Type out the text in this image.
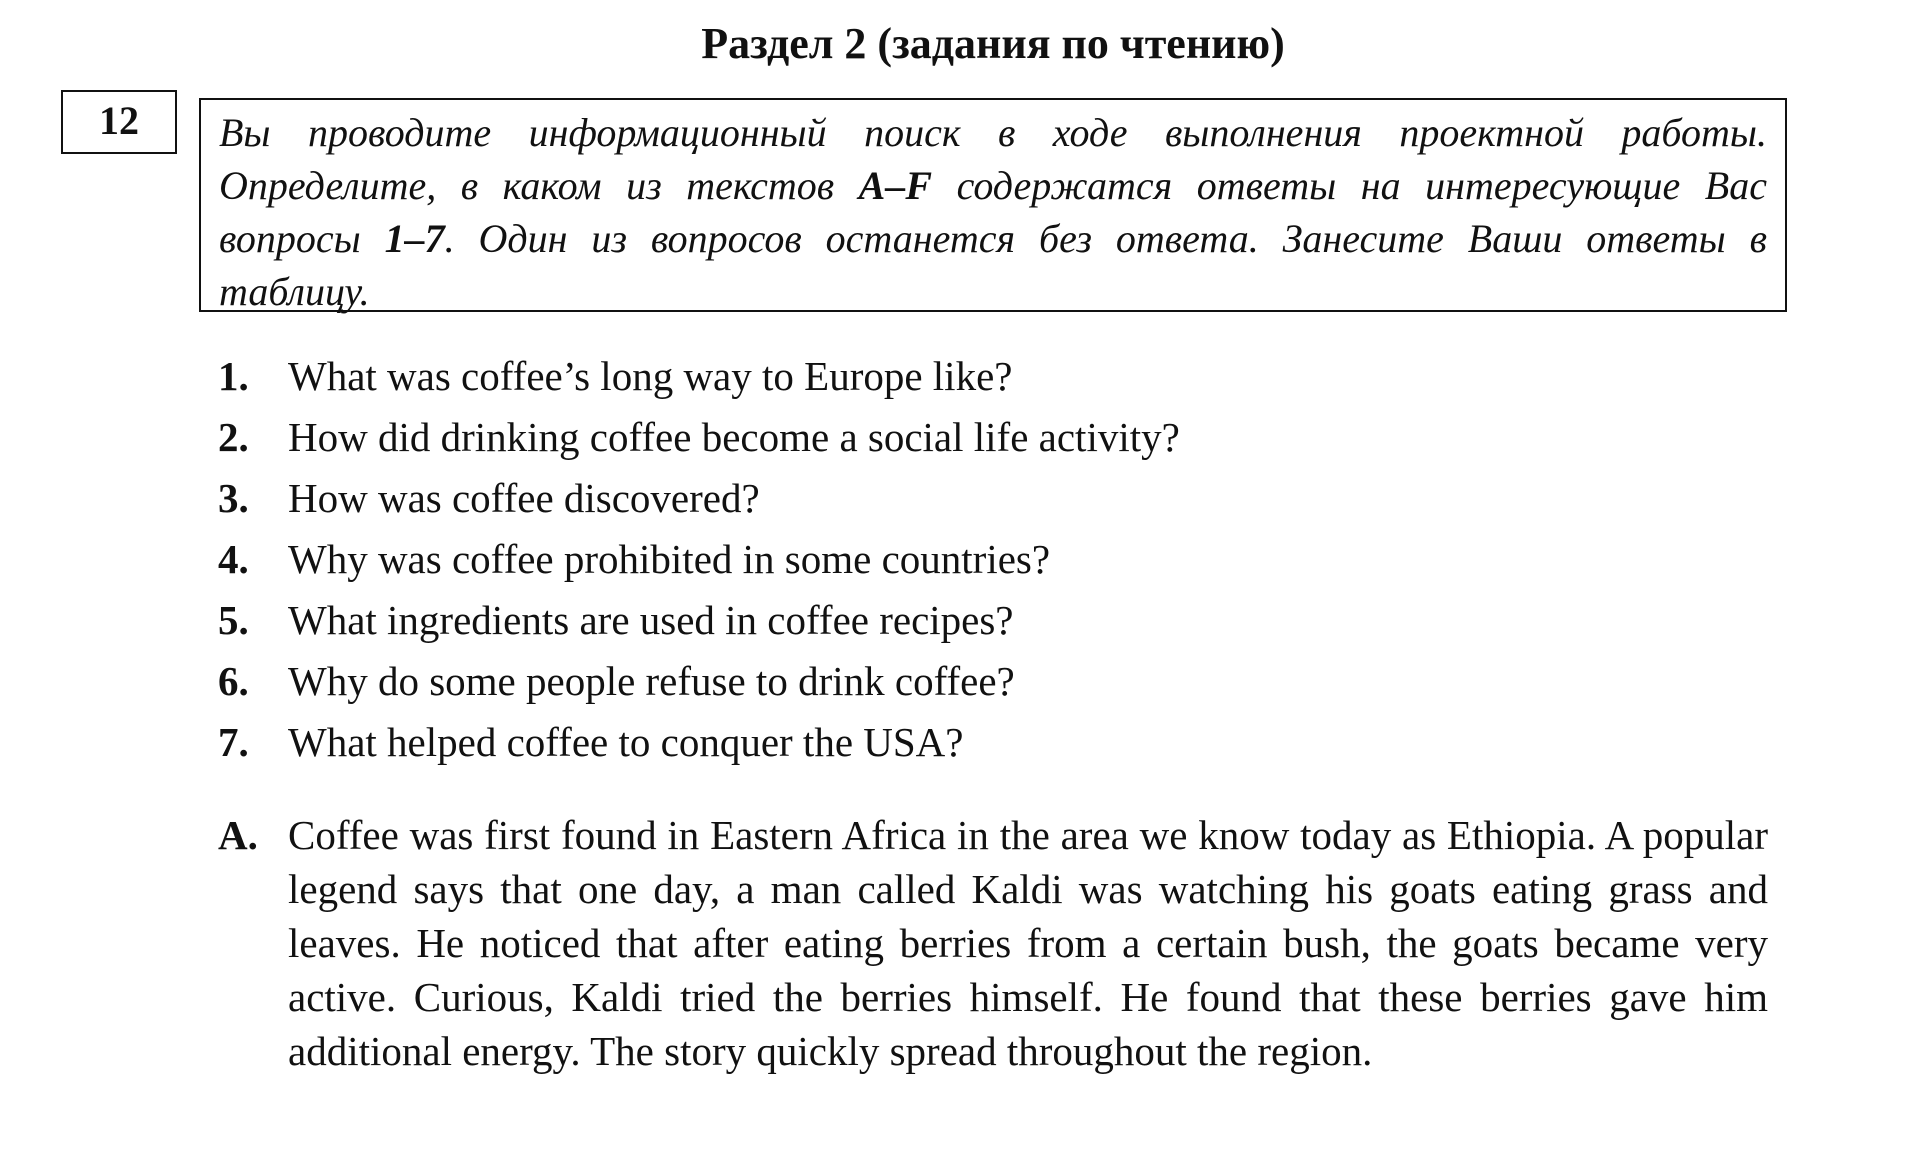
Раздел 2 (задания по чтению)
12	Вы проводите информационный поиск в ходе выполнения проектной работы. Определите, в каком из текстов A–F содержатся ответы на интересующие Вас вопросы 1–7. Один из вопросов останется без ответа. Занесите Ваши ответы в таблицу.
1. What was coffee’s long way to Europe like?
2. How did drinking coffee become a social life activity?
3. How was coffee discovered?
4. Why was coffee prohibited in some countries?
5. What ingredients are used in coffee recipes?
6. Why do some people refuse to drink coffee?
7. What helped coffee to conquer the USA?
A. Coffee was first found in Eastern Africa in the area we know today as Ethiopia. A popular legend says that one day, a man called Kaldi was watching his goats eating grass and leaves. He noticed that after eating berries from a certain bush, the goats became very active. Curious, Kaldi tried the berries himself. He found that these berries gave him additional energy. The story quickly spread throughout the region.
